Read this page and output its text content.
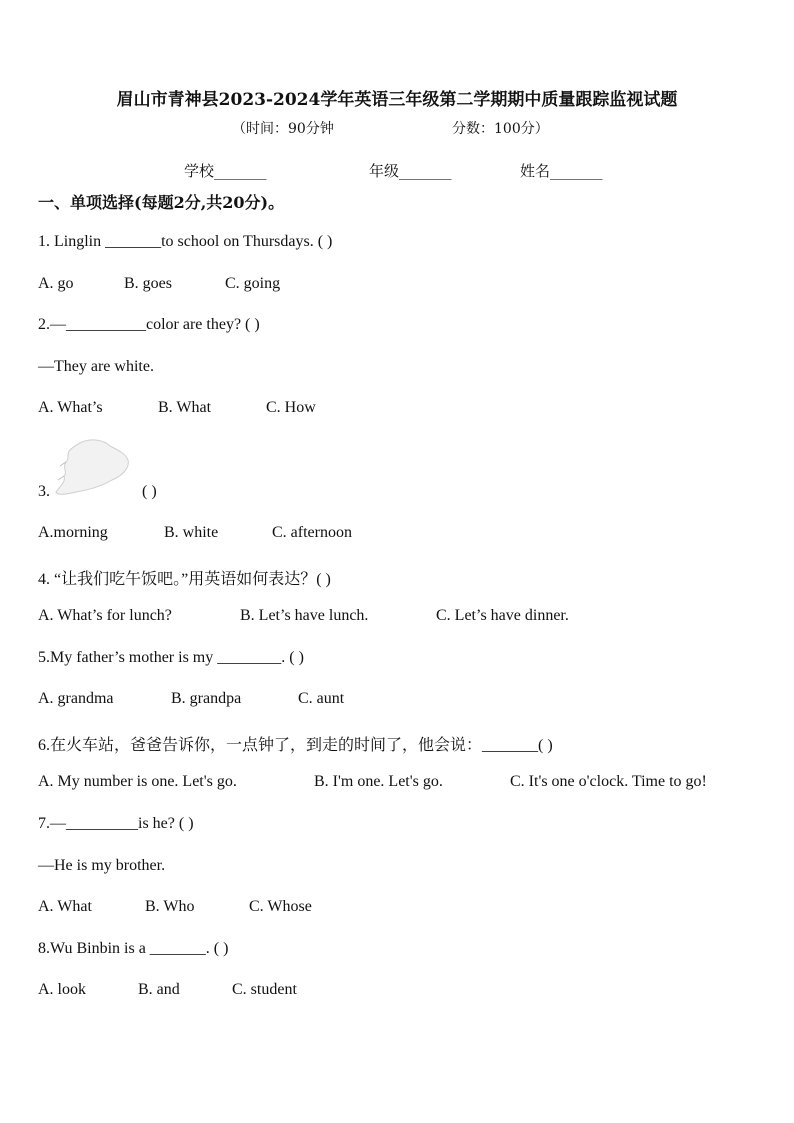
眉山市青神县2023-2024学年英语三年级第二学期期中质量跟踪监视试题
（时间：90分钟	分数：100分）
学校_______	年级_______	姓名_______
一、单项选择(每题2分,共20分)。
1. Linglin _______to school on Thursdays. ( )
A. go	B. goes	C. going
2.—__________color are they? ( )
—They are white.
A. What’s	B. What	C. How
3.	( )
A.morning	B. white	C. afternoon
4. “让我们吃午饭吧。”用英语如何表达？( )
A. What’s for lunch?	B. Let’s have lunch.	C. Let’s have dinner.
5.My father’s mother is my ________. ( )
A. grandma	B. grandpa	C. aunt
6.在火车站，爸爸告诉你，一点钟了，到走的时间了，他会说：_______( )
A. My number is one. Let's go.	B. I'm one. Let's go.	C. It's one o'clock. Time to go!
7.—_________is he? ( )
—He is my brother.
A. What	B. Who	C. Whose
8.Wu Binbin is a _______. ( )
A. look	B. and	C. student
